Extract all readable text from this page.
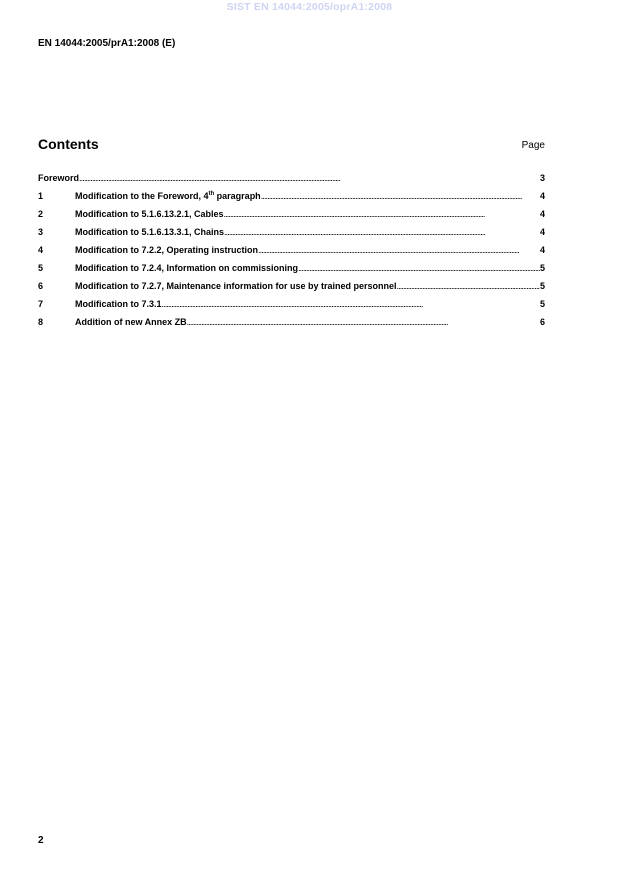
SIST EN 14044:2005/oprA1:2008
EN 14044:2005/prA1:2008 (E)
Contents	Page
Foreword . . .	3
1	Modification to the Foreword, 4th paragraph . . .	4
2	Modification to 5.1.6.13.2.1, Cables . . .	4
3	Modification to 5.1.6.13.3.1, Chains . . .	4
4	Modification to 7.2.2, Operating instruction . . .	4
5	Modification to 7.2.4, Information on commissioning . . .	5
6	Modification to 7.2.7, Maintenance information for use by trained personnel . . .	5
7	Modification to 7.3.1 . . .	5
8	Addition of new Annex ZB . . .	6
2
